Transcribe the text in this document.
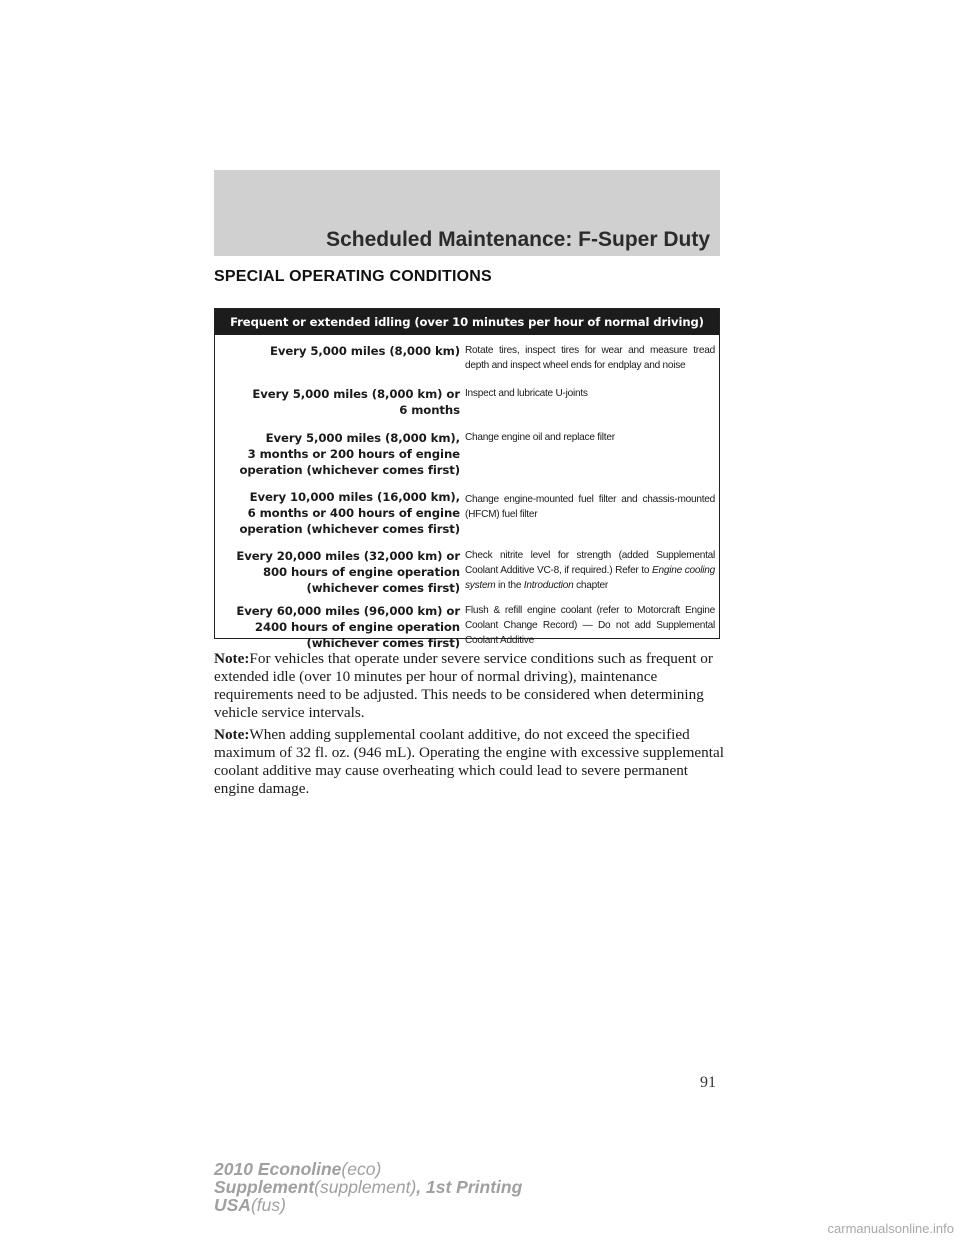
Scheduled Maintenance: F-Super Duty
SPECIAL OPERATING CONDITIONS
Frequent or extended idling (over 10 minutes per hour of normal driving)
Every 5,000 miles (8,000 km) Rotate tires, inspect tires for wear and measure tread depth and inspect wheel ends for endplay and noise
Every 5,000 miles (8,000 km) or
6 months
Inspect and lubricate U-joints
Every 5,000 miles (8,000 km),
3 months or 200 hours of engine
operation (whichever comes first)
Change engine oil and replace filter
Every 10,000 miles (16,000 km),
6 months or 400 hours of engine
operation (whichever comes first)
Change engine-mounted fuel filter and chassis-mounted (HFCM) fuel filter
Every 20,000 miles (32,000 km) or
800 hours of engine operation
(whichever comes first)
Check nitrite level for strength (added Supplemental Coolant Additive VC-8, if required.) Refer to Engine cooling system in the Introduction chapter
Every 60,000 miles (96,000 km) or
2400 hours of engine operation
(whichever comes first)
Flush & refill engine coolant (refer to Motorcraft Engine Coolant Change Record) — Do not add Supplemental Coolant Additive
Note:For vehicles that operate under severe service conditions such as frequent or extended idle (over 10 minutes per hour of normal driving), maintenance requirements need to be adjusted. This needs to be considered when determining vehicle service intervals.
Note:When adding supplemental coolant additive, do not exceed the specified maximum of 32 fl. oz. (946 mL). Operating the engine with excessive supplemental coolant additive may cause overheating which could lead to severe permanent engine damage.
91
2010 Econoline(eco)
Supplement(supplement), 1st Printing
USA(fus)
carmanualsonline.info
